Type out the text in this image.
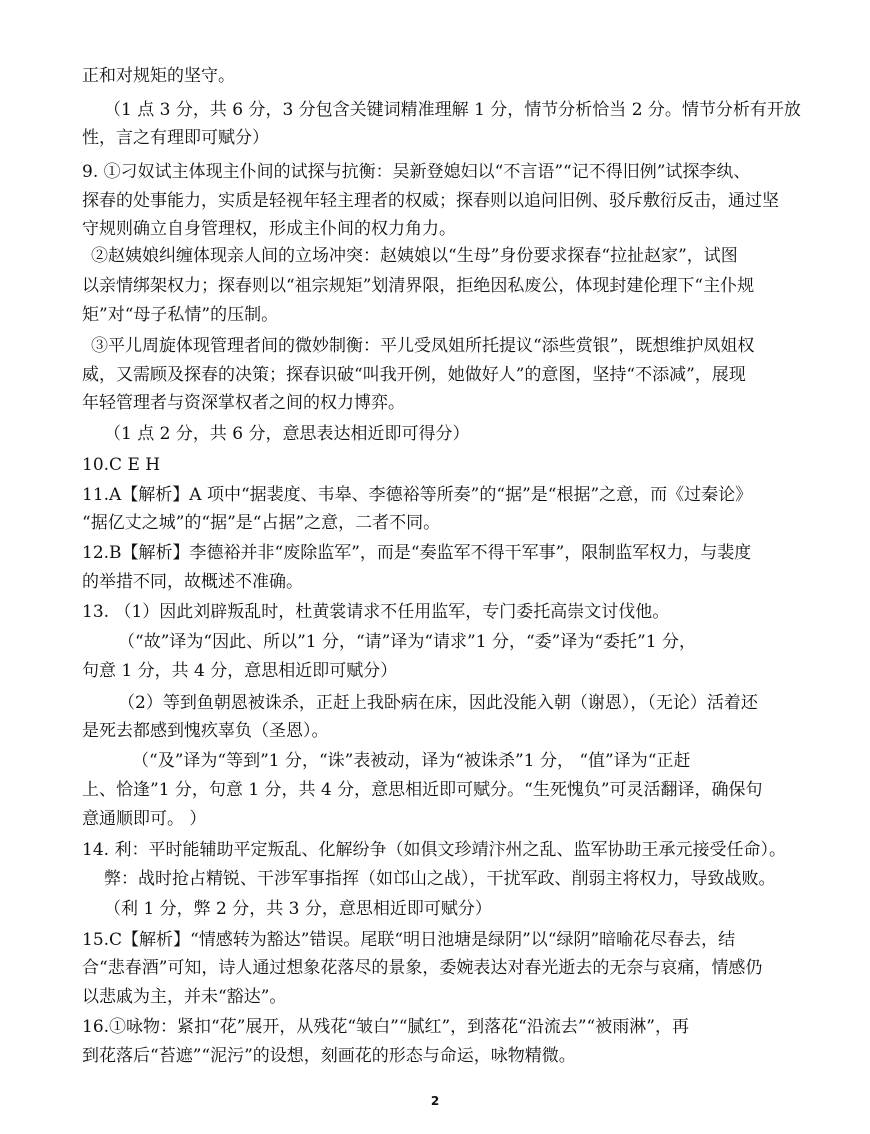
正和对规矩的坚守。
（1 点 3 分，共 6 分，3 分包含关键词精准理解 1 分，情节分析恰当 2 分。情节分析有开放
性，言之有理即可赋分）
9. ①刁奴试主体现主仆间的试探与抗衡：吴新登媳妇以“不言语”“记不得旧例”试探李纨、
探春的处事能力，实质是轻视年轻主理者的权威；探春则以追问旧例、驳斥敷衍反击，通过坚
守规则确立自身管理权，形成主仆间的权力角力。
②赵姨娘纠缠体现亲人间的立场冲突：赵姨娘以“生母”身份要求探春“拉扯赵家”，试图
以亲情绑架权力；探春则以“祖宗规矩”划清界限，拒绝因私废公，体现封建伦理下“主仆规
矩”对“母子私情”的压制。
③平儿周旋体现管理者间的微妙制衡：平儿受凤姐所托提议“添些赏银”，既想维护凤姐权
威，又需顾及探春的决策；探春识破“叫我开例，她做好人”的意图，坚持“不添减”，展现
年轻管理者与资深掌权者之间的权力博弈。
（1 点 2 分，共 6 分，意思表达相近即可得分）
10.C E H
11.A【解析】A 项中“据裴度、韦皋、李德裕等所奏”的“据”是“根据”之意，而《过秦论》
“据亿丈之城”的“据”是“占据”之意，二者不同。
12.B【解析】李德裕并非“废除监军”，而是“奏监军不得干军事”，限制监军权力，与裴度
的举措不同，故概述不准确。
13. （1）因此刘辟叛乱时，杜黄裳请求不任用监军，专门委托高崇文讨伐他。
（“故”译为“因此、所以”1 分，“请”译为“请求”1 分，“委”译为“委托”1 分，
句意 1 分，共 4 分，意思相近即可赋分）
（2）等到鱼朝恩被诛杀，正赶上我卧病在床，因此没能入朝（谢恩），（无论）活着还
是死去都感到愧疚辜负（圣恩）。
（“及”译为“等到”1 分，“诛”表被动，译为“被诛杀”1 分， “值”译为“正赶
上、恰逢”1 分，句意 1 分，共 4 分，意思相近即可赋分。“生死愧负”可灵活翻译，确保句
意通顺即可。 ）
14. 利：平时能辅助平定叛乱、化解纷争（如俱文珍靖汴州之乱、监军协助王承元接受任命）。
弊：战时抢占精锐、干涉军事指挥（如邙山之战），干扰军政、削弱主将权力，导致战败。
（利 1 分，弊 2 分，共 3 分，意思相近即可赋分）
15.C【解析】“情感转为豁达”错误。尾联“明日池塘是绿阴”以“绿阴”暗喻花尽春去，结
合“悲春酒”可知，诗人通过想象花落尽的景象，委婉表达对春光逝去的无奈与哀痛，情感仍
以悲戚为主，并未“豁达”。
16.①咏物：紧扣“花”展开，从残花“皱白”“腻红”，到落花“沿流去”“被雨淋”，再
到花落后“苔遮”“泥污”的设想，刻画花的形态与命运，咏物精微。
2
